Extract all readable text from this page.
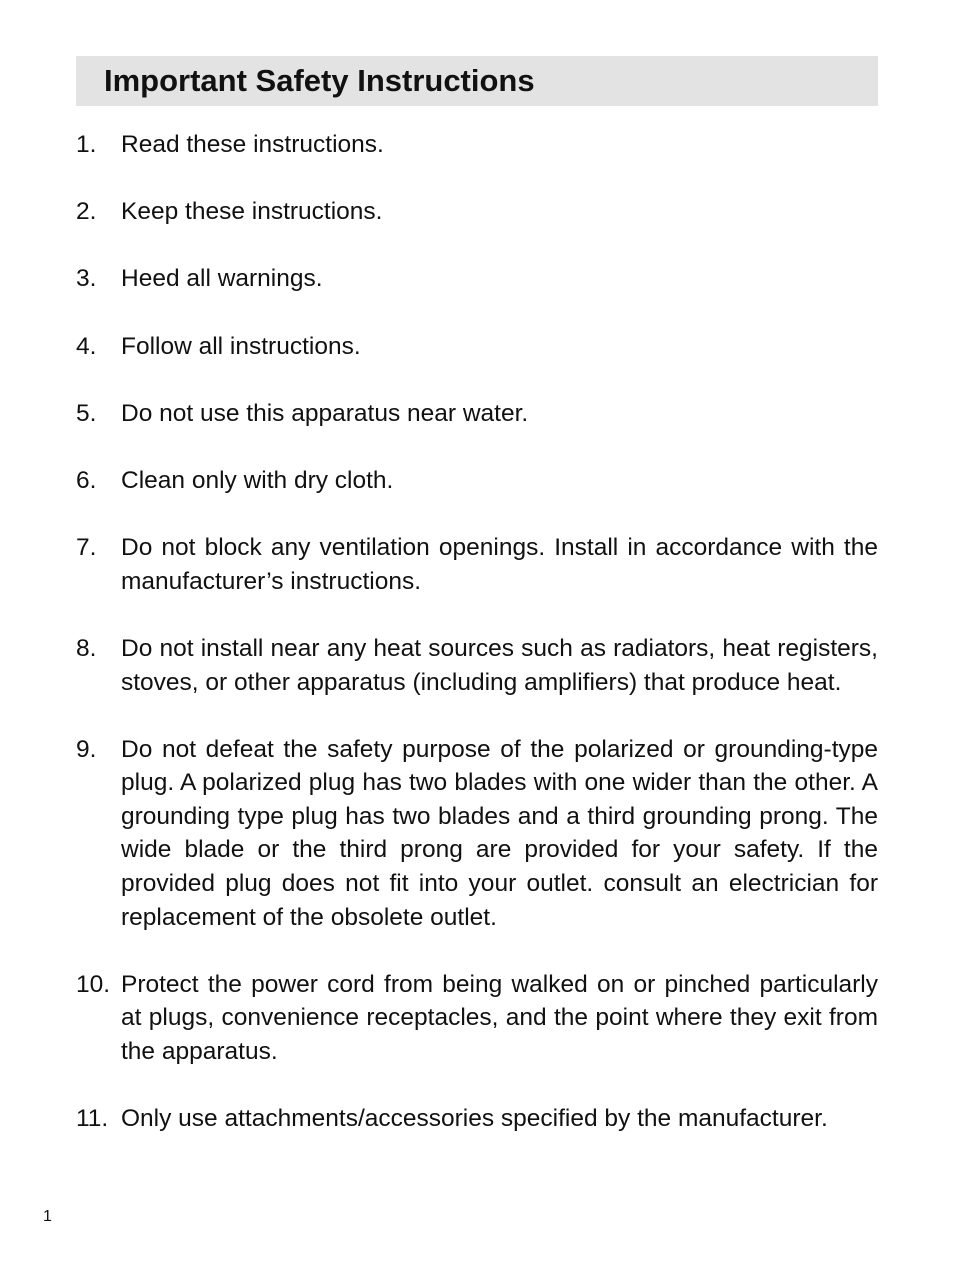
Important Safety Instructions
1. Read these instructions.
2. Keep these instructions.
3. Heed all warnings.
4. Follow all instructions.
5. Do not use this apparatus near water.
6. Clean only with dry cloth.
7. Do not block any ventilation openings. Install in accordance with the manufacturer’s instructions.
8. Do not install near any heat sources such as radiators, heat registers, stoves, or other apparatus (including amplifiers) that produce heat.
9. Do not defeat the safety purpose of the polarized or grounding-type plug. A polarized plug has two blades with one wider than the other. A grounding type plug has two blades and a third grounding prong. The wide blade or the third prong are provided for your safety. If the provided plug does not fit into your outlet. consult an electrician for replacement of the obsolete outlet.
10. Protect the power cord from being walked on or pinched particularly at plugs, convenience receptacles, and the point where they exit from the apparatus.
11. Only use attachments/accessories specified by the manufacturer.
1
